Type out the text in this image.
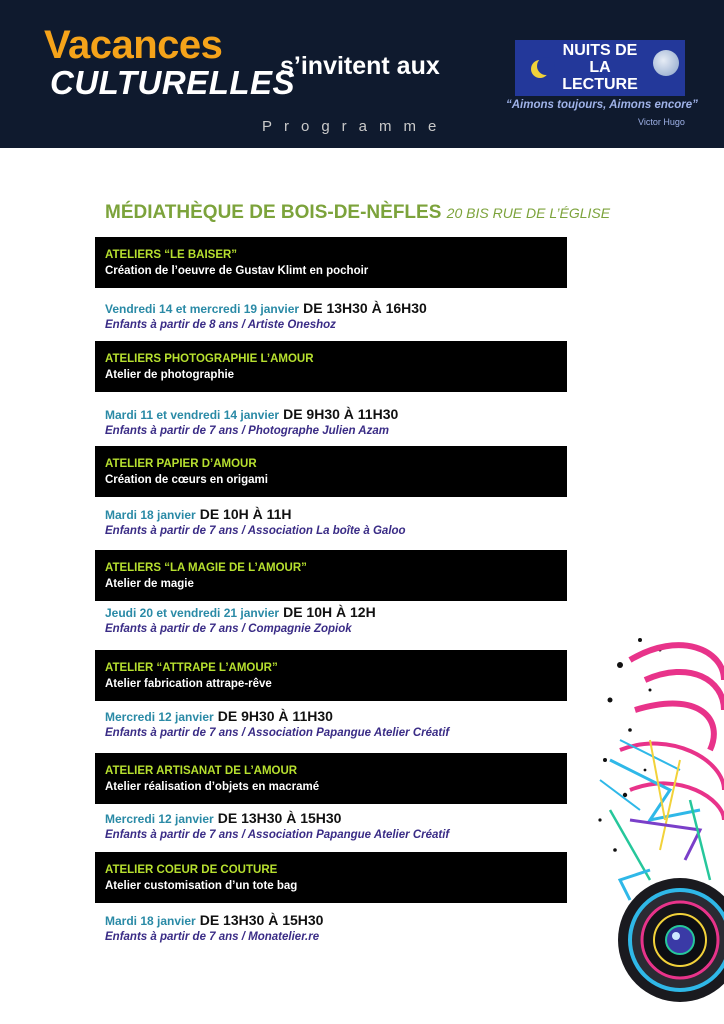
Vacances
CULTURELLES
s’invitent aux
Programme
NUITS DE LA LECTURE
“Aimons toujours, Aimons encore”
Victor Hugo
MÉDIATHÈQUE DE BOIS-DE-NÈFLES 20 BIS RUE DE L’ÉGLISE
ATELIERS “LE BAISER”
Création de l’oeuvre de Gustav Klimt en pochoir
Vendredi 14 et mercredi 19 janvier DE 13H30 À 16H30
Enfants à partir de 8 ans / Artiste Oneshoz
ATELIERS PHOTOGRAPHIE L’AMOUR
Atelier de photographie
Mardi 11 et vendredi 14 janvier DE 9H30 À 11H30
Enfants à partir de 7 ans / Photographe Julien Azam
ATELIER PAPIER D’AMOUR
Création de cœurs en origami
Mardi 18 janvier DE 10H À 11H
Enfants à partir de 7 ans / Association La boîte à Galoo
ATELIERS “LA MAGIE DE L’AMOUR”
Atelier de magie
Jeudi 20 et vendredi 21 janvier DE 10H À 12H
Enfants à partir de 7 ans / Compagnie Zopiok
ATELIER “ATTRAPE L’AMOUR”
Atelier fabrication attrape-rêve
Mercredi 12 janvier DE 9H30 À 11H30
Enfants à partir de 7 ans / Association Papangue Atelier Créatif
ATELIER ARTISANAT DE L’AMOUR
Atelier réalisation d’objets en macramé
Mercredi 12 janvier DE 13H30 À 15H30
Enfants à partir de 7 ans / Association Papangue Atelier Créatif
ATELIER COEUR DE COUTURE
Atelier customisation d’un tote bag
Mardi 18 janvier DE 13H30 À 15H30
Enfants à partir de 7 ans / Monatelier.re
